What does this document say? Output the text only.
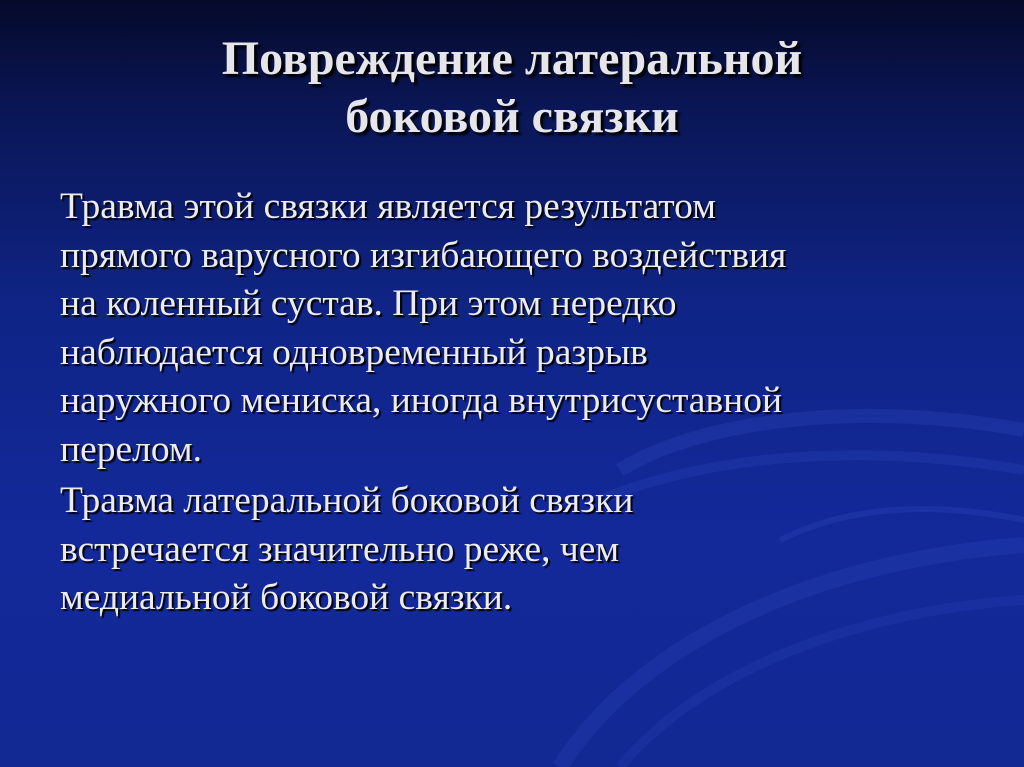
Повреждение латеральной
боковой связки
Травма этой связки является результатом
прямого варусного изгибающего воздействия
на коленный сустав. При этом нередко
наблюдается одновременный разрыв
наружного мениска, иногда внутрисуставной
перелом.
Травма латеральной боковой связки
встречается значительно реже, чем
медиальной боковой связки.
